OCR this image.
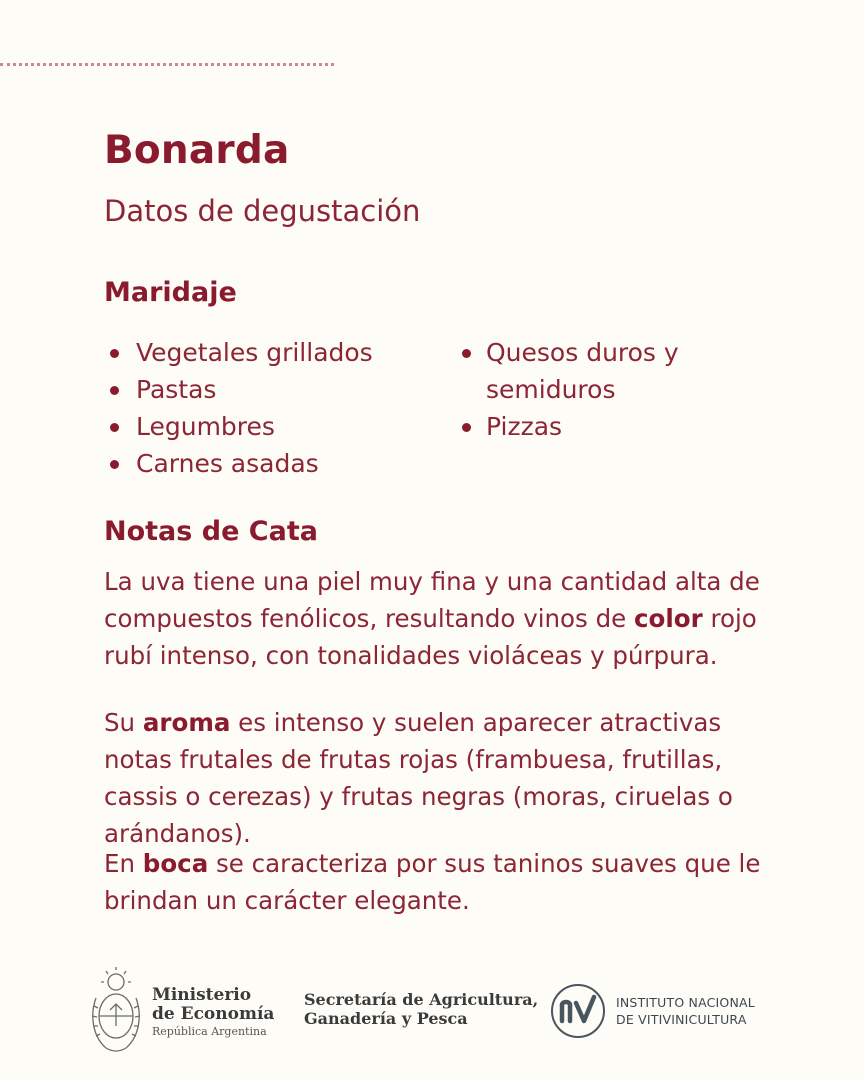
Bonarda
Datos de degustación
Maridaje
Vegetales grillados
Pastas
Legumbres
Carnes asadas
Quesos duros y semiduros
Pizzas
Notas de Cata

La uva tiene una piel muy fina y una cantidad alta de compuestos fenólicos, resultando vinos de color rojo rubí intenso, con tonalidades violáceas y púrpura.

Su aroma es intenso y suelen aparecer atractivas notas frutales de frutas rojas (frambuesa, frutillas, cassis o cerezas) y frutas negras (moras, ciruelas o arándanos).

En boca se caracteriza por sus taninos suaves que le brindan un carácter elegante.

Ministerio
de Economía
República Argentina
Secretaría de Agricultura,
Ganadería y Pesca
INSTITUTO NACIONAL
DE VITIVINICULTURA
